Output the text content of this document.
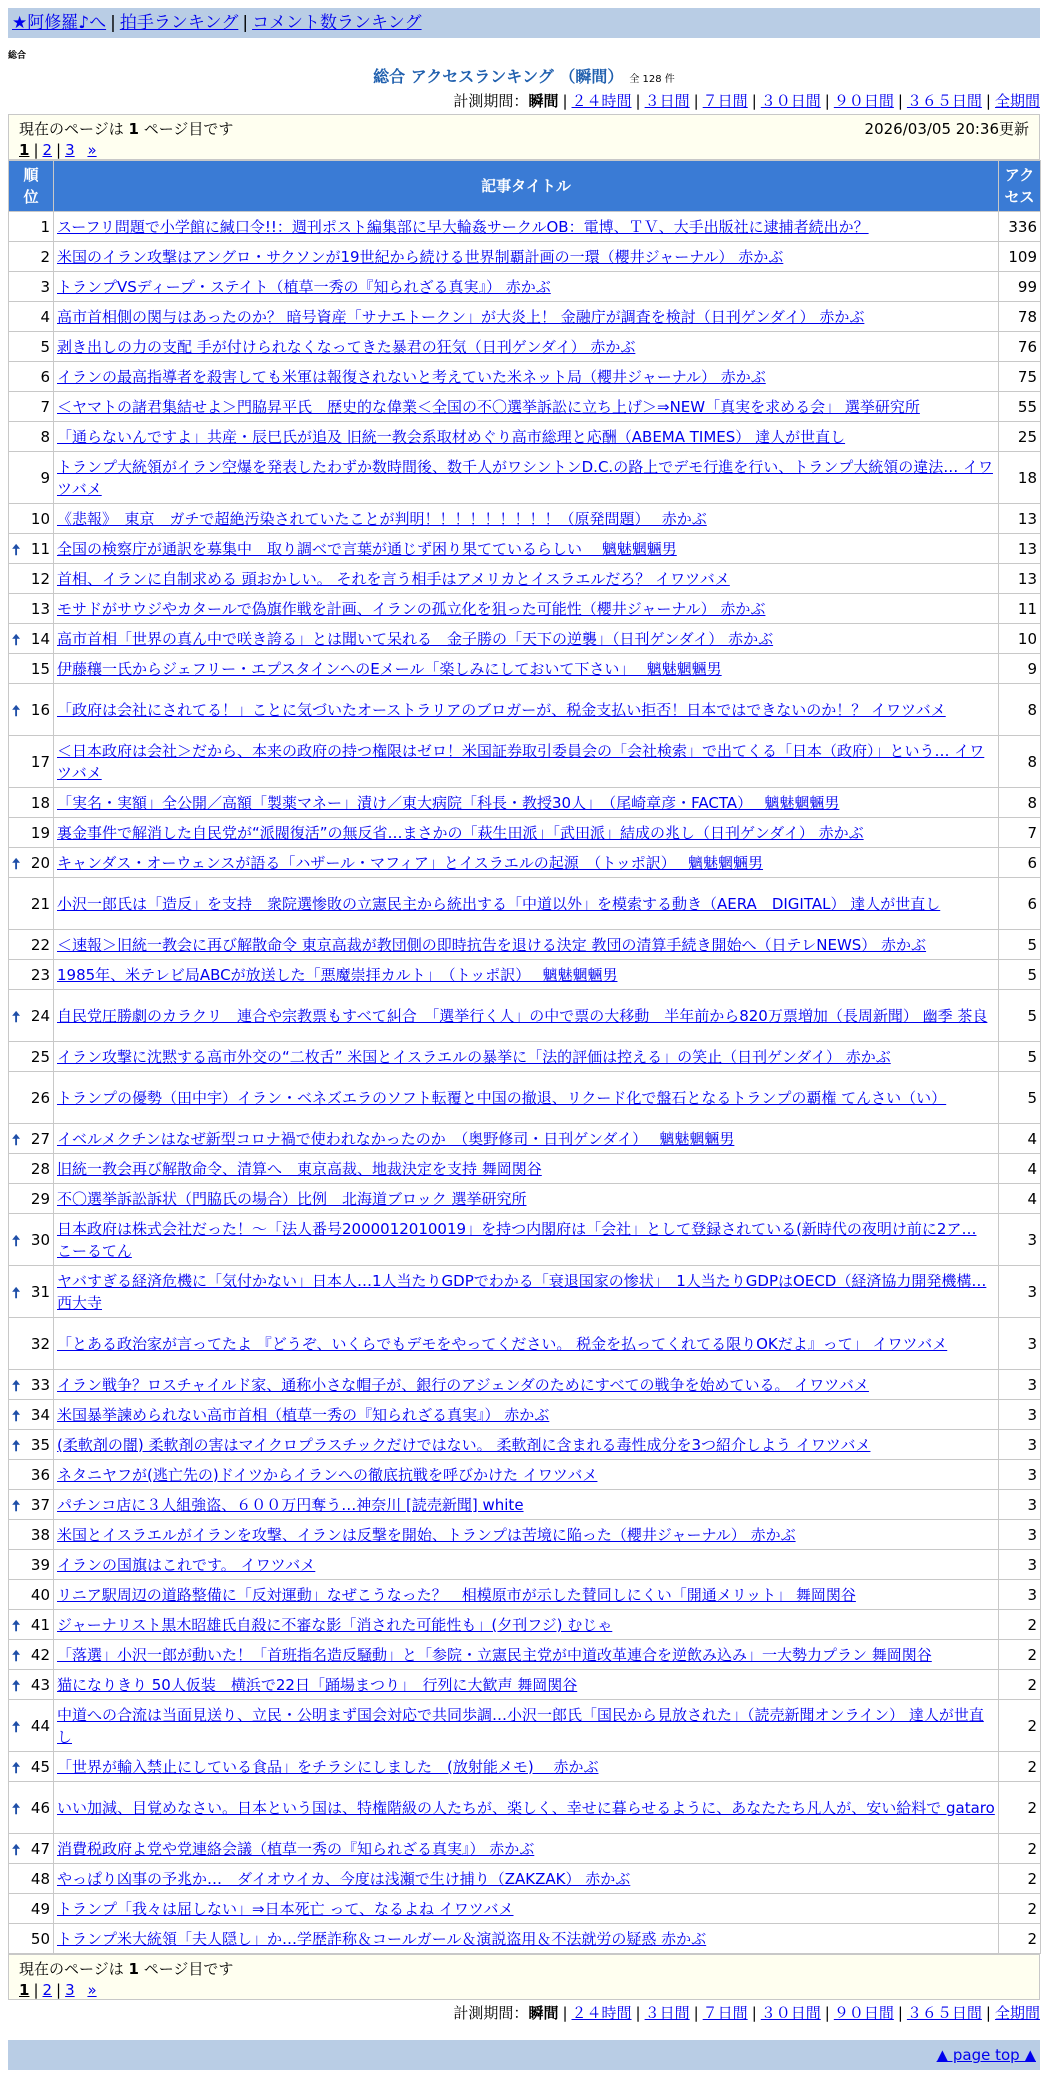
★阿修羅♪へ | 拍手ランキング | コメント数ランキング
総合
総合 アクセスランキング （瞬間） 全 128 件
計測期間：瞬間 | ２４時間 | ３日間 | ７日間 | ３０日間 | ９０日間 | ３６５日間 | 全期間
現在のページは 1 ページ目です	2026/03/05 20:36更新
1 | 2 | 3 »
順
位	記事タイトル	アク
セス
1	スーフリ問題で小学館に緘口令!!：週刊ポスト編集部に早大輪姦サークルOB：電博、ＴＶ、大手出版社に逮捕者続出か？	336
2	米国のイラン攻撃はアングロ・サクソンが19世紀から続ける世界制覇計画の一環（櫻井ジャーナル） 赤かぶ	109
3	トランプVSディープ・ステイト（植草一秀の『知られざる真実』） 赤かぶ	99
4	高市首相側の関与はあったのか？ 暗号資産「サナエトークン」が大炎上！ 金融庁が調査を検討（日刊ゲンダイ） 赤かぶ	78
5	剥き出しの力の支配 手が付けられなくなってきた暴君の狂気（日刊ゲンダイ） 赤かぶ	76
6	イランの最高指導者を殺害しても米軍は報復されないと考えていた米ネット局（櫻井ジャーナル） 赤かぶ	75
7	＜ヤマトの諸君集結せよ＞門脇昇平氏　歴史的な偉業＜全国の不〇選挙訴訟に立ち上げ＞⇒NEW「真実を求める会」 選挙研究所	55
8	「通らないんですよ」共産・辰巳氏が追及 旧統一教会系取材めぐり高市総理と応酬（ABEMA TIMES） 達人が世直し	25
9	トランプ大統領がイラン空爆を発表したわずか数時間後、数千人がワシントンD.C.の路上でデモ行進を行い、トランプ大統領の違法… イワツバメ	18
10	《悲報》　東京　ガチで超絶汚染されていたことが判明！！！！！！！！！（原発問題）　 赤かぶ	13

🠅 11	全国の検察庁が通訳を募集中　取り調べで言葉が通じず困り果てているらしい　 魑魅魍魎男	13
12	首相、イランに自制求める 頭おかしい。 それを言う相手はアメリカとイスラエルだろ？ イワツバメ	13
13	モサドがサウジやカタールで偽旗作戦を計画、イランの孤立化を狙った可能性（櫻井ジャーナル） 赤かぶ	11

🠅 14	高市首相「世界の真ん中で咲き誇る」とは聞いて呆れる　金子勝の「天下の逆襲」（日刊ゲンダイ） 赤かぶ	10
15	伊藤穰一氏からジェフリー・エプスタインへのEメール「楽しみにしておいて下さい」　 魑魅魍魎男	9

🠅 16	「政府は会社にされてる！」ことに気づいたオーストラリアのブロガーが、税金支払い拒否！日本ではできないのか！？ イワツバメ	8
17	＜日本政府は会社＞だから、本来の政府の持つ権限はゼロ！米国証券取引委員会の「会社検索」で出てくる「日本（政府）」という… イワツバメ	8
18	「実名・実額」全公開／高額「製薬マネー」漬け／東大病院「科長・教授30人」　（尾崎章彦・FACTA）　 魑魅魍魎男	8
19	裏金事件で解消した自民党が“派閥復活”の無反省…まさかの「萩生田派」「武田派」結成の兆し（日刊ゲンダイ） 赤かぶ	7

🠅 20	キャンダス・オーウェンスが語る「ハザール・マフィア」とイスラエルの起源　（トッポ訳）　 魑魅魍魎男	6
21	小沢一郎氏は「造反」を支持　衆院選惨敗の立憲民主から統出する「中道以外」を模索する動き（AERA　DIGITAL） 達人が世直し	6
22	＜速報＞旧統一教会に再び解散命令 東京高裁が教団側の即時抗告を退ける決定 教団の清算手続き開始へ（日テレNEWS） 赤かぶ	5
23	1985年、米テレビ局ABCが放送した「悪魔崇拝カルト」　（トッポ訳）　 魑魅魍魎男	5

🠅 24	自民党圧勝劇のカラクリ　連合や宗教票もすべて糾合　「選挙行く人」の中で票の大移動　半年前から820万票増加（長周新聞） 幽季 茶良	5
25	イラン攻撃に沈黙する高市外交の“二枚舌” 米国とイスラエルの暴挙に「法的評価は控える」の笑止（日刊ゲンダイ） 赤かぶ	5
26	トランプの優勢（田中宇）イラン・ベネズエラのソフト転覆と中国の撤退、リクード化で盤石となるトランプの覇権 てんさい（い）	5

🠅 27	イベルメクチンはなぜ新型コロナ禍で使われなかったのか　（奥野修司・日刊ゲンダイ）　 魑魅魍魎男	4
28	旧統一教会再び解散命令、清算へ　東京高裁、地裁決定を支持 舞岡関谷	4
29	不〇選挙訴訟訴状（門脇氏の場合）比例　北海道ブロック 選挙研究所	4

🠅 30	日本政府は株式会社だった！～「法人番号2000012010019」を持つ内閣府は「会社」として登録されている(新時代の夜明け前に2ア… こーるてん	3

🠅 31	ヤバすぎる経済危機に「気付かない」日本人…1人当たりGDPでわかる「衰退国家の惨状」　1人当たりGDPはOECD（経済協力開発機構… 西大寺	3
32	「とある政治家が言ってたよ 『どうぞ、いくらでもデモをやってください。 税金を払ってくれてる限りOKだよ』って」 イワツバメ	3

🠅 33	イラン戦争？ロスチャイルド家、通称小さな帽子が、銀行のアジェンダのためにすべての戦争を始めている。 イワツバメ	3

🠅 34	米国暴挙諫められない高市首相（植草一秀の『知られざる真実』） 赤かぶ	3

🠅 35	(柔軟剤の闇) 柔軟剤の害はマイクロプラスチックだけではない。 柔軟剤に含まれる毒性成分を3つ紹介しよう イワツバメ	3
36	ネタニヤフが(逃亡先の)ドイツからイランへの徹底抗戦を呼びかけた イワツバメ	3

🠅 37	パチンコ店に３人組強盗、６００万円奪う…神奈川 [読売新聞] white	3
38	米国とイスラエルがイランを攻撃、イランは反撃を開始、トランプは苦境に陥った（櫻井ジャーナル） 赤かぶ	3
39	イランの国旗はこれです。 イワツバメ	3
40	リニア駅周辺の道路整備に「反対運動」なぜこうなった？　相模原市が示した賛同しにくい「開通メリット」 舞岡関谷	3

🠅 41	ジャーナリスト黒木昭雄氏自殺に不審な影「消された可能性も」(夕刊フジ) むじゃ	2

🠅 42	「落選」小沢一郎が動いた！「首班指名造反騒動」と「参院・立憲民主党が中道改革連合を逆飲み込み」一大勢力プラン 舞岡関谷	2

🠅 43	猫になりきり 50人仮装　横浜で22日「踊場まつり」　行列に大歓声 舞岡関谷	2

🠅 44	中道への合流は当面見送り、立民・公明まず国会対応で共同歩調…小沢一郎氏「国民から見放された」（読売新聞オンライン） 達人が世直し	2

🠅 45	「世界が輸入禁止にしている食品」をチラシにしました　(放射能メモ)　 赤かぶ	2

🠅 46	いい加減、目覚めなさい。日本という国は、特権階級の人たちが、楽しく、幸せに暮らせるように、あなたたち凡人が、安い給料で gataro	2

🠅 47	消費税政府よ党や党連絡会議（植草一秀の『知られざる真実』） 赤かぶ	2
48	やっぱり凶事の予兆か…　ダイオウイカ、今度は浅瀬で生け捕り（ZAKZAK） 赤かぶ	2
49	トランプ「我々は屈しない」⇒日本死亡 って、なるよね イワツバメ	2
50	トランプ米大統領「夫人隠し」か…学歴詐称＆コールガール＆演説盗用＆不法就労の疑惑 赤かぶ	2
現在のページは 1 ページ目です
1 | 2 | 3 »
計測期間：瞬間 | ２４時間 | ３日間 | ７日間 | ３０日間 | ９０日間 | ３６５日間 | 全期間
▲ page top ▲
